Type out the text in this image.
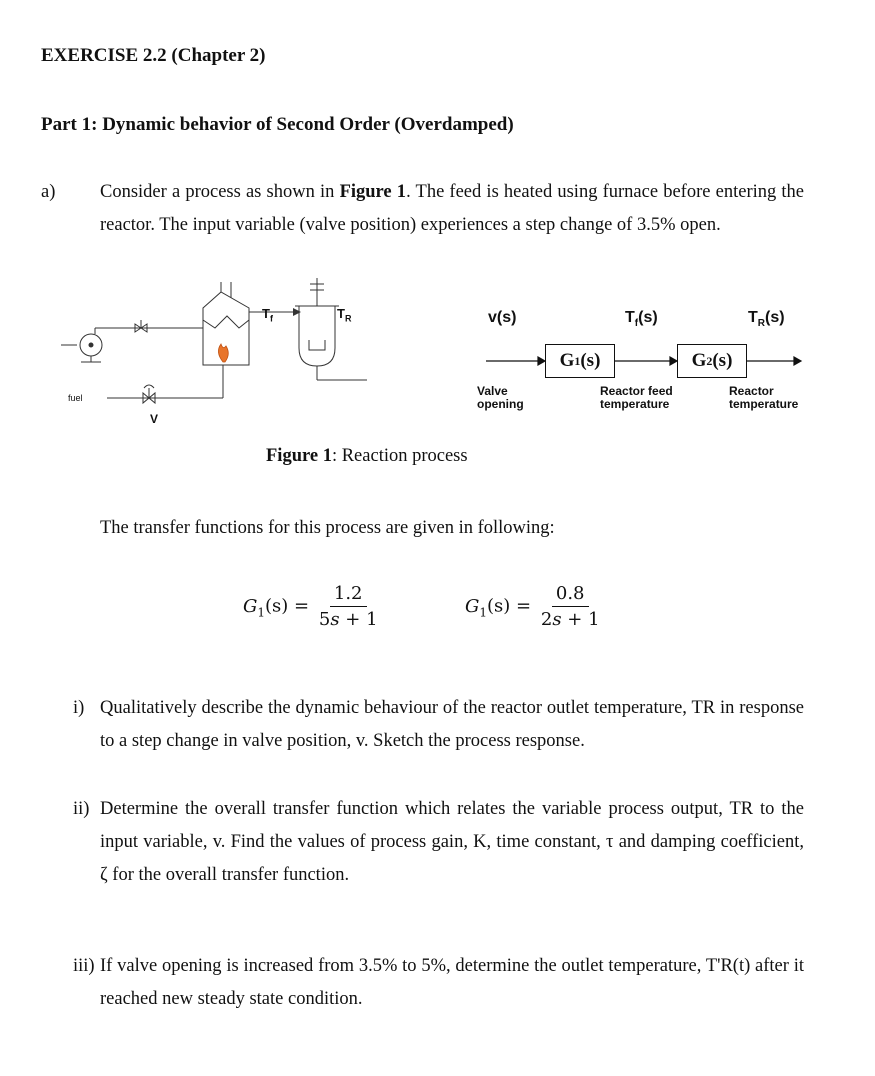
EXERCISE 2.2 (Chapter 2)
Part 1: Dynamic behavior of Second Order (Overdamped)
a) Consider a process as shown in Figure 1. The feed is heated using furnace before entering the reactor. The input variable (valve position) experiences a step change of 3.5% open.
$T_f$	$T_R$
fuel
V
v(s)	$T_f(s)$	$T_R(s)$
G 1 (s)	G 2 (s)
Valve
opening
Reactor feed
temperature
Reactor
temperature
Figure 1: Reaction process
The transfer functions for this process are given in following:
$G_1(s) = \frac{1.2}{5s + 1}$	$G_1(s) = \frac{0.8}{2s + 1}$
i) Qualitatively describe the dynamic behaviour of the reactor outlet temperature, TR in response to a step change in valve position, v. Sketch the process response.
ii) Determine the overall transfer function which relates the variable process output, TR to the input variable, v. Find the values of process gain, K, time constant, τ and damping coefficient, ζ for the overall transfer function.
iii) If valve opening is increased from 3.5% to 5%, determine the outlet temperature, T'R(t) after it reached new steady state condition.
